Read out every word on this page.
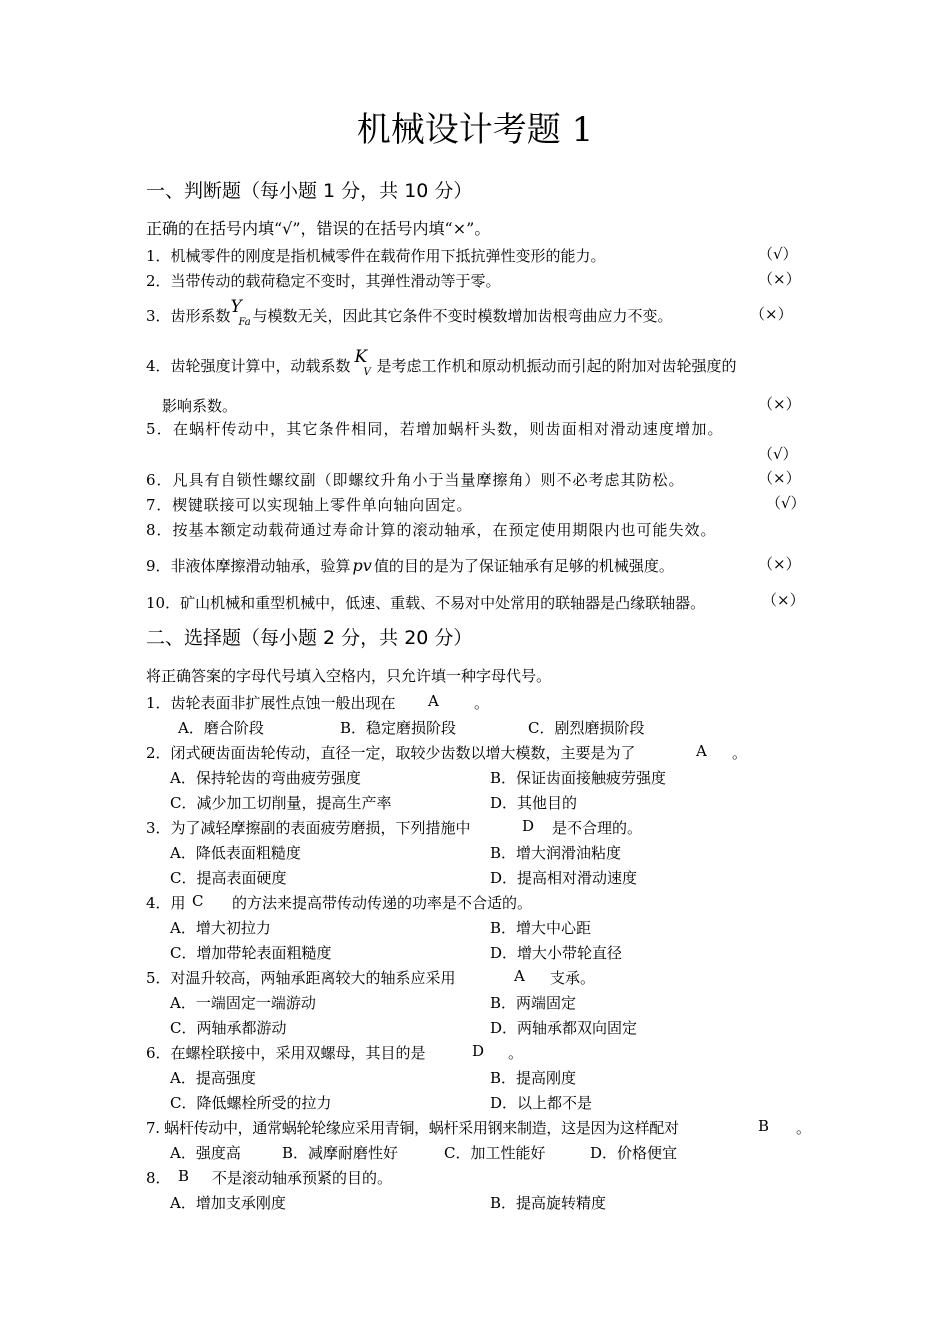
机械设计考题 1
一、判断题（每小题 1 分，共 10 分）
正确的在括号内填“√”，错误的在括号内填“×”。
1．机械零件的刚度是指机械零件在载荷作用下抵抗弹性变形的能力。	（√）
2．当带传动的载荷稳定不变时，其弹性滑动等于零。	（×）
3．齿形系数 Y
Fa 与模数无关，因此其它条件不变时模数增加齿根弯曲应力不变。	（×）
4．齿轮强度计算中，动载系数 K
V 是考虑工作机和原动机振动而引起的附加对齿轮强度的
影响系数。	（×）
5．在蜗杆传动中，其它条件相同，若增加蜗杆头数，则齿面相对滑动速度增加。
（√）
6．凡具有自锁性螺纹副（即螺纹升角小于当量摩擦角）则不必考虑其防松。	（×）
7．楔键联接可以实现轴上零件单向轴向固定。	（√）
8．按基本额定动载荷通过寿命计算的滚动轴承，在预定使用期限内也可能失效。
9．非液体摩擦滑动轴承，验算 pv 值的目的是为了保证轴承有足够的机械强度。	（×）
10．矿山机械和重型机械中，低速、重载、不易对中处常用的联轴器是凸缘联轴器。	（×）
二、选择题（每小题 2 分，共 20 分）
将正确答案的字母代号填入空格内，只允许填一种字母代号。
1．齿轮表面非扩展性点蚀一般出现在 A 。
A．磨合阶段	B．稳定磨损阶段	C．剧烈磨损阶段
2．闭式硬齿面齿轮传动，直径一定，取较少齿数以增大模数，主要是为了	A 。
A．保持轮齿的弯曲疲劳强度	B．保证齿面接触疲劳强度
C．减少加工切削量，提高生产率	D．其他目的
3．为了减轻摩擦副的表面疲劳磨损，下列措施中	D 是不合理的。
A．降低表面粗糙度	B．增大润滑油粘度
C．提高表面硬度	D．提高相对滑动速度
4．用 C 的方法来提高带传动传递的功率是不合适的。
A．增大初拉力	B．增大中心距
C．增加带轮表面粗糙度	D．增大小带轮直径
5．对温升较高，两轴承距离较大的轴系应采用	A 支承。
A．一端固定一端游动	B．两端固定
C．两轴承都游动	D．两轴承都双向固定
6．在螺栓联接中，采用双螺母，其目的是	D 。
A．提高强度	B．提高刚度
C．降低螺栓所受的拉力	D．以上都不是
7. 蜗杆传动中，通常蜗轮轮缘应采用青铜，蜗杆采用钢来制造，这是因为这样配对	B 。
A．强度高	B．减摩耐磨性好	C．加工性能好	D．价格便宜
8． B 不是滚动轴承预紧的目的。
A．增加支承刚度	B．提高旋转精度
